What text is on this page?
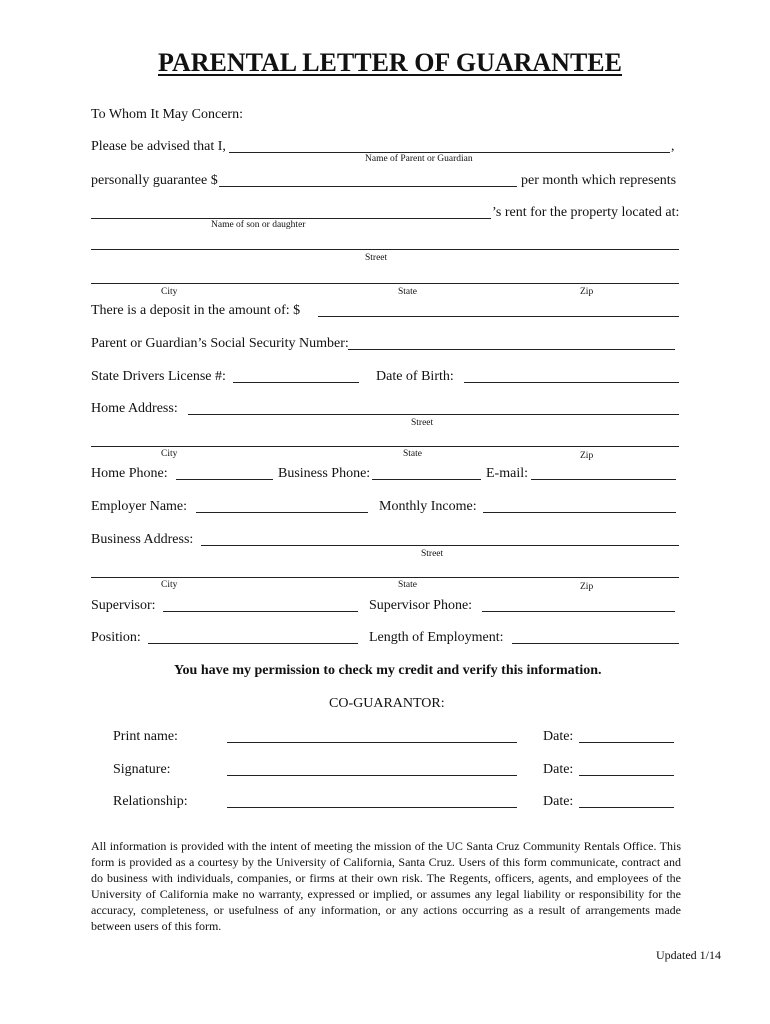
PARENTAL LETTER OF GUARANTEE
To Whom It May Concern:
Please be advised that I,	,
Name of Parent or Guardian
personally guarantee $	per month which represents
’s rent for the property located at:
Name of son or daughter
Street
City	State	Zip
There is a deposit in the amount of: $
Parent or Guardian’s Social Security Number:
State Drivers License #:	Date of Birth:
Home Address:
Street
City	State	Zip
Home Phone:	Business Phone:	E-mail:
Employer Name:	Monthly Income:
Business Address:
Street
City	State	Zip
Supervisor:	Supervisor Phone:
Position:	Length of Employment:
You have my permission to check my credit and verify this information.
CO-GUARANTOR:
Print name:	Date:
Signature:	Date:
Relationship:	Date:
All information is provided with the intent of meeting the mission of the UC Santa Cruz Community Rentals Office. This form is provided as a courtesy by the University of California, Santa Cruz. Users of this form communicate, contract and do business with individuals, companies, or firms at their own risk. The Regents, officers, agents, and employees of the University of California make no warranty, expressed or implied, or assumes any legal liability or responsibility for the accuracy, completeness, or usefulness of any information, or any actions occurring as a result of arrangements made between users of this form.
Updated 1/14
